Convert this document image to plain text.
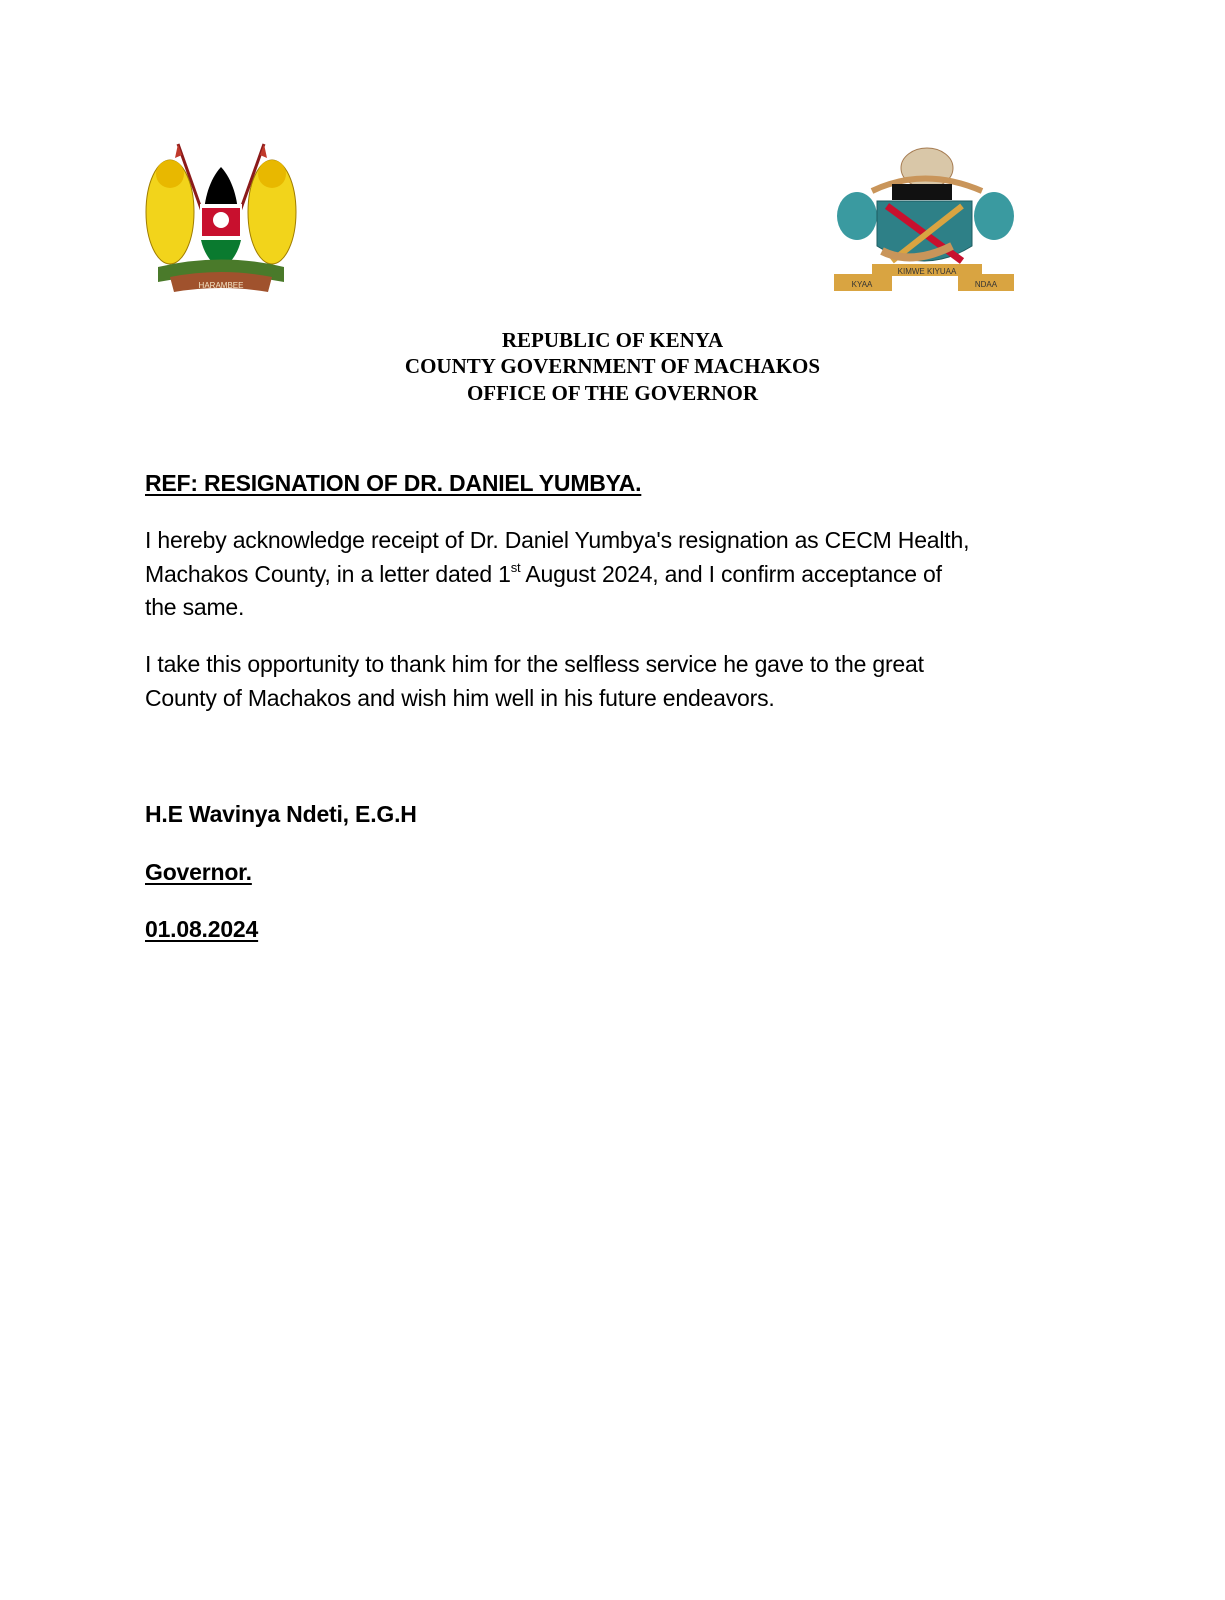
HARAMBEE
KIMWE KIYUAA
KYAA	NDAA
REPUBLIC OF KENYA
COUNTY GOVERNMENT OF MACHAKOS
OFFICE OF THE GOVERNOR
REF: RESIGNATION OF DR. DANIEL YUMBYA.
I hereby acknowledge receipt of Dr. Daniel Yumbya's resignation as CECM Health,
Machakos County, in a letter dated 1st August 2024, and I confirm acceptance of
the same.
I take this opportunity to thank him for the selfless service he gave to the great
County of Machakos and wish him well in his future endeavors.
H.E Wavinya Ndeti, E.G.H
Governor.
01.08.2024
